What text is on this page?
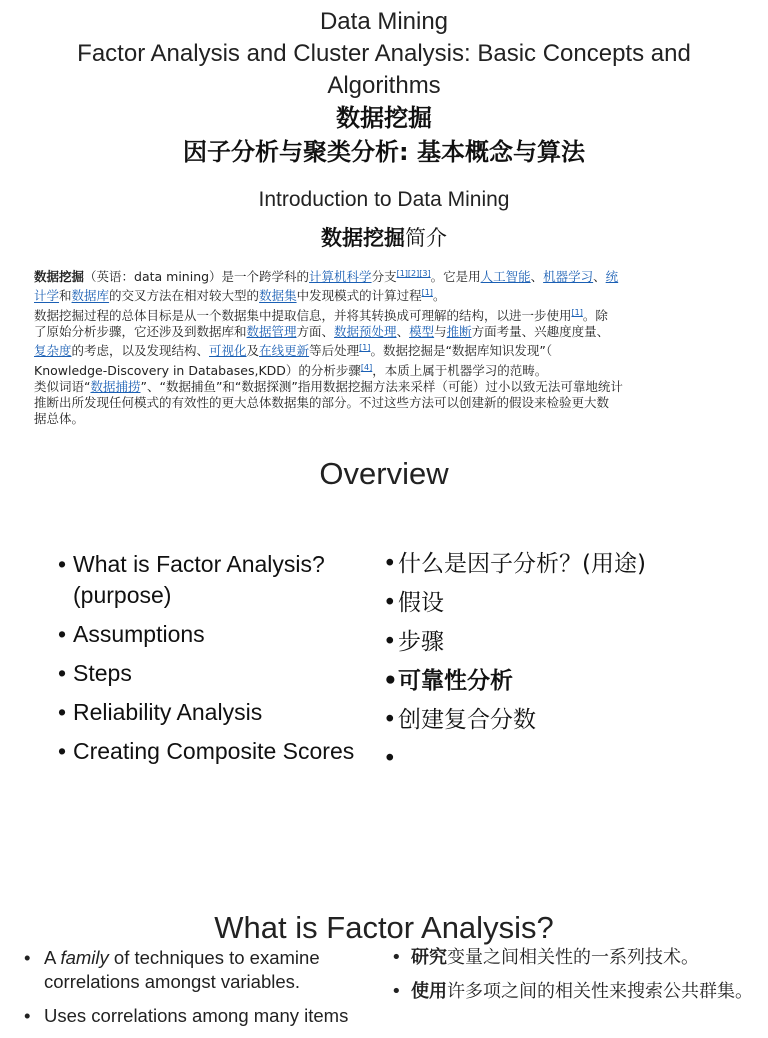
Data Mining
Factor Analysis and Cluster Analysis: Basic Concepts and
Algorithms
数据挖掘
因子分析与聚类分析: 基本概念与算法
Introduction to Data Mining
数据挖掘简介
数据挖掘（英语：data mining）是一个跨学科的计算机科学分支[1][2][3]。它是用人工智能、机器学习、统
计学和数据库的交叉方法在相对较大型的数据集中发现模式的计算过程[1]。
数据挖掘过程的总体目标是从一个数据集中提取信息，并将其转换成可理解的结构，以进一步使用[1]。除
了原始分析步骤，它还涉及到数据库和数据管理方面、数据预处理、模型与推断方面考量、兴趣度度量、
复杂度的考虑，以及发现结构、可视化及在线更新等后处理[1]。数据挖掘是“数据库知识发现”（
Knowledge-Discovery in Databases,KDD）的分析步骤[4]，本质上属于机器学习的范畴。
类似词语“数据捕捞”、“数据捕鱼”和“数据探测”指用数据挖掘方法来采样（可能）过小以致无法可靠地统计
推断出所发现任何模式的有效性的更大总体数据集的部分。不过这些方法可以创建新的假设来检验更大数
据总体。
Overview
• What is Factor Analysis? (purpose)
• Assumptions
• Steps
• Reliability Analysis
• Creating Composite Scores
• 什么是因子分析？(用途)
• 假设
• 步骤
• 可靠性分析
• 创建复合分数
•
What is Factor Analysis?
• A family of techniques to examine correlations amongst variables.
• Uses correlations among many items
• 研究变量之间相关性的一系列技术。
• 使用许多项之间的相关性来搜索公共群集。
